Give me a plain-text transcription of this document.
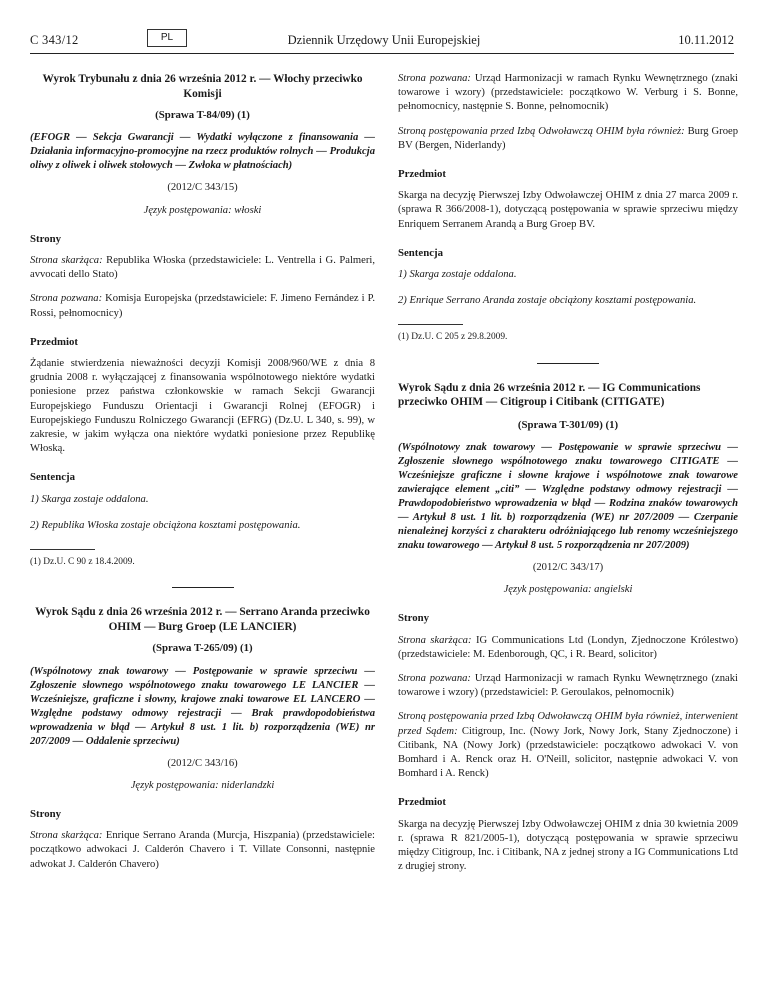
C 343/12	PL	Dziennik Urzędowy Unii Europejskiej	10.11.2012
Wyrok Trybunału z dnia 26 września 2012 r. — Włochy przeciwko Komisji
(Sprawa T-84/09) (1)
(EFOGR — Sekcja Gwarancji — Wydatki wyłączone z finansowania — Działania informacyjno-promocyjne na rzecz produktów rolnych — Produkcja oliwy z oliwek i oliwek stołowych — Zwłoka w płatnościach)
(2012/C 343/15)
Język postępowania: włoski
Strony

Strona skarżąca: Republika Włoska (przedstawiciele: L. Ventrella i G. Palmeri, avvocati dello Stato)

Strona pozwana: Komisja Europejska (przedstawiciele: F. Jimeno Fernández i P. Rossi, pełnomocnicy)

Przedmiot

Żądanie stwierdzenia nieważności decyzji Komisji 2008/960/WE z dnia 8 grudnia 2008 r. wyłączającej z finansowania wspólnotowego niektóre wydatki poniesione przez państwa członkowskie w ramach Sekcji Gwarancji Europejskiego Funduszu Orientacji i Gwarancji Rolnej (EFOGR) i Europejskiego Funduszu Rolniczego Gwarancji (EFRG) (Dz.U. L 340, s. 99), w zakresie, w jakim wyłącza ona niektóre wydatki poniesione przez Republikę Włoską.

Sentencja
1) Skarga zostaje oddalona.
2) Republika Włoska zostaje obciążona kosztami postępowania.
(1) Dz.U. C 90 z 18.4.2009.
Wyrok Sądu z dnia 26 września 2012 r. — Serrano Aranda przeciwko OHIM — Burg Groep (LE LANCIER)
(Sprawa T-265/09) (1)
(Wspólnotowy znak towarowy — Postępowanie w sprawie sprzeciwu — Zgłoszenie słownego wspólnotowego znaku towarowego LE LANCIER — Wcześniejsze, graficzne i słowny, krajowe znaki towarowe EL LANCERO — Względne podstawy odmowy rejestracji — Brak prawdopodobieństwa wprowadzenia w błąd — Artykuł 8 ust. 1 lit. b) rozporządzenia (WE) nr 207/2009 — Oddalenie sprzeciwu)
(2012/C 343/16)
Język postępowania: niderlandzki
Strony

Strona skarżąca: Enrique Serrano Aranda (Murcja, Hiszpania) (przedstawiciele: początkowo adwokaci J. Calderón Chavero i T. Villate Consonni, następnie adwokat J. Calderón Chavero)

Strona pozwana: Urząd Harmonizacji w ramach Rynku Wewnętrznego (znaki towarowe i wzory) (przedstawiciele: początkowo W. Verburg i S. Bonne, pełnomocnicy, następnie S. Bonne, pełnomocnik)

Stroną postępowania przed Izbą Odwoławczą OHIM była również: Burg Groep BV (Bergen, Niderlandy)

Przedmiot

Skarga na decyzję Pierwszej Izby Odwoławczej OHIM z dnia 27 marca 2009 r. (sprawa R 366/2008-1), dotyczącą postępowania w sprawie sprzeciwu między Enriquem Serranem Arandą a Burg Groep BV.

Sentencja
1) Skarga zostaje oddalona.
2) Enrique Serrano Aranda zostaje obciążony kosztami postępowania.
(1) Dz.U. C 205 z 29.8.2009.
Wyrok Sądu z dnia 26 września 2012 r. — IG Communications przeciwko OHIM — Citigroup i Citibank (CITIGATE)
(Sprawa T-301/09) (1)
(Wspólnotowy znak towarowy — Postępowanie w sprawie sprzeciwu — Zgłoszenie słownego wspólnotowego znaku towarowego CITIGATE — Wcześniejsze graficzne i słowne krajowe i wspólnotowe znak towarowe zawierające element „citi” — Względne podstawy odmowy rejestracji — Prawdopodobieństwo wprowadzenia w błąd — Rodzina znaków towarowych — Artykuł 8 ust. 1 lit. b) rozporządzenia (WE) nr 207/2009 — Czerpanie nienależnej korzyści z charakteru odróżniającego lub renomy wcześniejszego znaku towarowego — Artykuł 8 ust. 5 rozporządzenia nr 207/2009)
(2012/C 343/17)
Język postępowania: angielski
Strony

Strona skarżąca: IG Communications Ltd (Londyn, Zjednoczone Królestwo) (przedstawiciele: M. Edenborough, QC, i R. Beard, solicitor)

Strona pozwana: Urząd Harmonizacji w ramach Rynku Wewnętrznego (znaki towarowe i wzory) (przedstawiciel: P. Geroulakos, pełnomocnik)

Stroną postępowania przed Izbą Odwoławczą OHIM była również, interwenient przed Sądem: Citigroup, Inc. (Nowy Jork, Nowy Jork, Stany Zjednoczone) i Citibank, NA (Nowy Jork) (przedstawiciele: początkowo adwokaci V. von Bomhard i A. Renck oraz H. O'Neill, solicitor, następnie adwokaci V. von Bomhard i A. Renck)

Przedmiot

Skarga na decyzję Pierwszej Izby Odwoławczej OHIM z dnia 30 kwietnia 2009 r. (sprawa R 821/2005-1), dotyczącą postępowania w sprawie sprzeciwu między Citigroup, Inc. i Citibank, NA z jednej strony a IG Communications Ltd z drugiej strony.
